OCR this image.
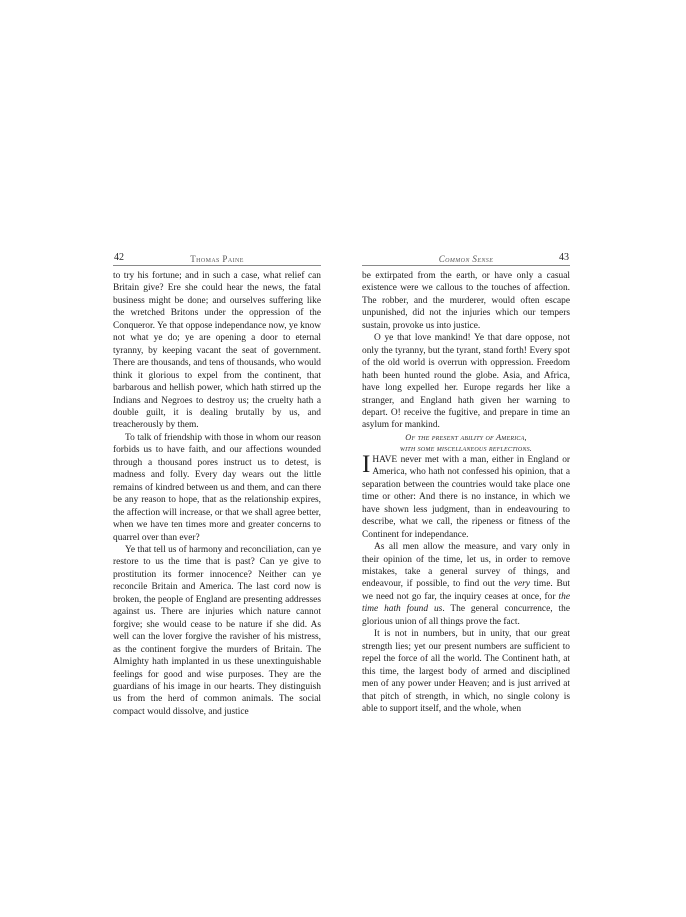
42	Thomas Paine

to try his fortune; and in such a case, what relief can Britain give? Ere she could hear the news, the fatal business might be done; and ourselves suffering like the wretched Britons under the oppression of the Conqueror. Ye that oppose independance now, ye know not what ye do; ye are opening a door to eternal tyranny, by keeping vacant the seat of government. There are thousands, and tens of thousands, who would think it glorious to expel from the continent, that barbarous and hellish power, which hath stirred up the Indians and Negroes to destroy us; the cruelty hath a double guilt, it is dealing brutally by us, and treacherously by them.

To talk of friendship with those in whom our reason forbids us to have faith, and our affections wounded through a thousand pores instruct us to detest, is madness and folly. Every day wears out the little remains of kindred between us and them, and can there be any reason to hope, that as the relationship expires, the affection will increase, or that we shall agree better, when we have ten times more and greater concerns to quarrel over than ever?

Ye that tell us of harmony and reconciliation, can ye restore to us the time that is past? Can ye give to prostitution its former innocence? Neither can ye reconcile Britain and America. The last cord now is broken, the people of England are presenting addresses against us. There are injuries which nature cannot forgive; she would cease to be nature if she did. As well can the lover forgive the ravisher of his mistress, as the continent forgive the murders of Britain. The Almighty hath implanted in us these unextinguishable feelings for good and wise purposes. They are the guardians of his image in our hearts. They distinguish us from the herd of common animals. The social compact would dissolve, and justice

Common Sense	43

be extirpated from the earth, or have only a casual existence were we callous to the touches of affection. The robber, and the murderer, would often escape unpunished, did not the injuries which our tempers sustain, provoke us into justice.

O ye that love mankind! Ye that dare oppose, not only the tyranny, but the tyrant, stand forth! Every spot of the old world is overrun with oppression. Freedom hath been hunted round the globe. Asia, and Africa, have long expelled her. Europe regards her like a stranger, and England hath given her warning to depart. O! receive the fugitive, and prepare in time an asylum for mankind.

Of the present ability of America,
with some miscellaneous reflections.

IHAVE never met with a man, either in England or America, who hath not confessed his opinion, that a separation between the countries would take place one time or other: And there is no instance, in which we have shown less judgment, than in endeavouring to describe, what we call, the ripeness or fitness of the Continent for independance.

As all men allow the measure, and vary only in their opinion of the time, let us, in order to remove mistakes, take a general survey of things, and endeavour, if possible, to find out the very time. But we need not go far, the inquiry ceases at once, for the time hath found us. The general concurrence, the glorious union of all things prove the fact.

It is not in numbers, but in unity, that our great strength lies; yet our present numbers are sufficient to repel the force of all the world. The Continent hath, at this time, the largest body of armed and disciplined men of any power under Heaven; and is just arrived at that pitch of strength, in which, no single colony is able to support itself, and the whole, when
